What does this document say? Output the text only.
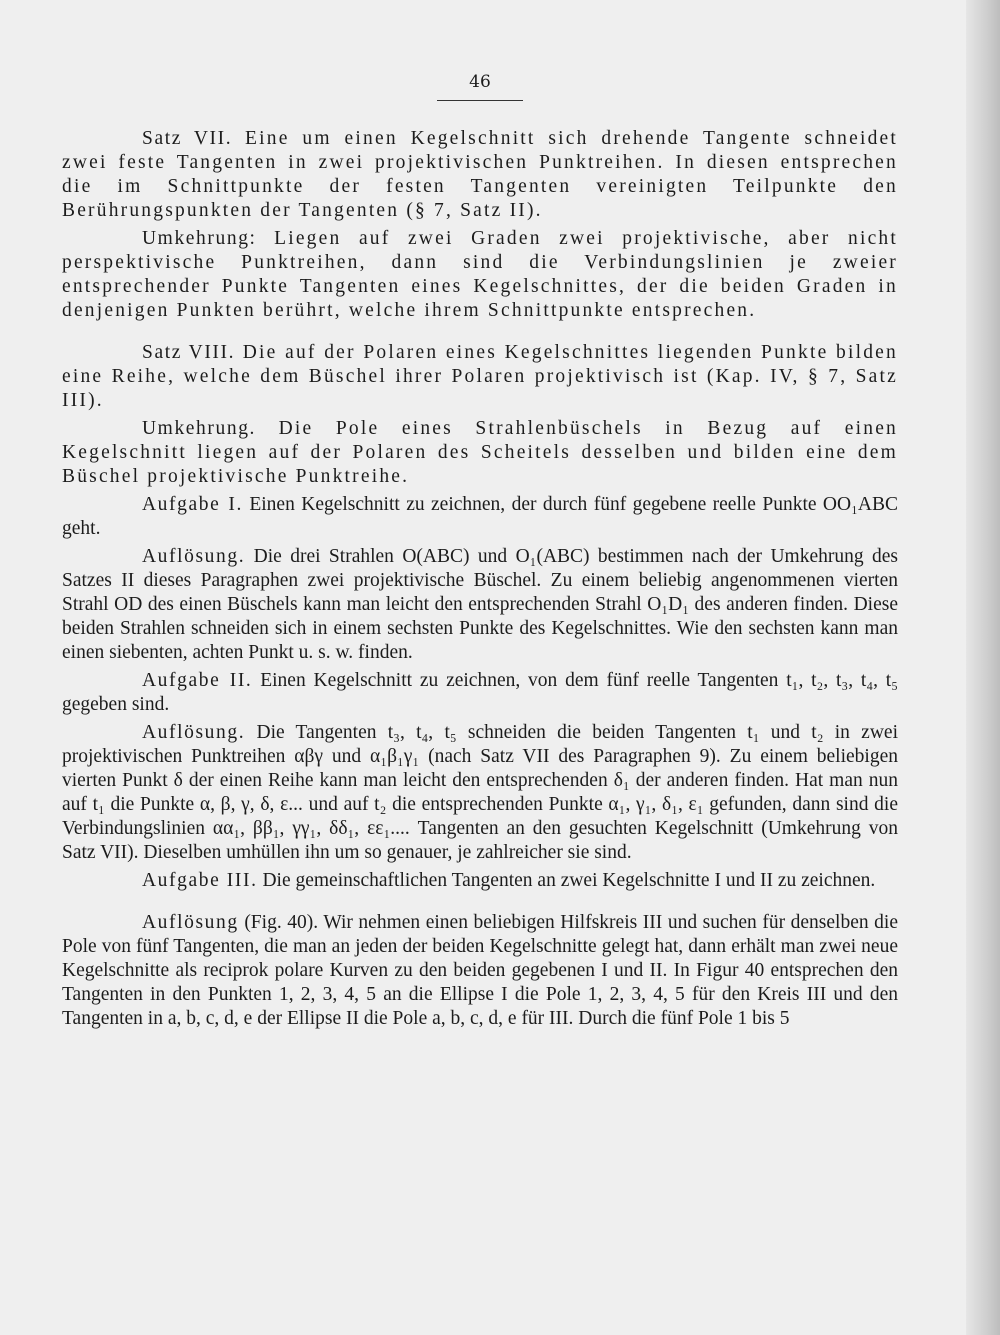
46

Satz VII. Eine um einen Kegelschnitt sich drehende Tangente schneidet zwei feste Tangenten in zwei projektivischen Punktreihen. In diesen entsprechen die im Schnittpunkte der festen Tangenten vereinigten Teilpunkte den Berührungspunkten der Tangenten (§ 7, Satz II).

Umkehrung: Liegen auf zwei Graden zwei projektivische, aber nicht perspektivische Punktreihen, dann sind die Verbindungslinien je zweier entsprechender Punkte Tangenten eines Kegelschnittes, der die beiden Graden in denjenigen Punkten berührt, welche ihrem Schnittpunkte entsprechen.

Satz VIII. Die auf der Polaren eines Kegelschnittes liegenden Punkte bilden eine Reihe, welche dem Büschel ihrer Polaren projektivisch ist (Kap. IV, § 7, Satz III).

Umkehrung. Die Pole eines Strahlenbüschels in Bezug auf einen Kegelschnitt liegen auf der Polaren des Scheitels desselben und bilden eine dem Büschel projektivische Punktreihe.

Aufgabe I. Einen Kegelschnitt zu zeichnen, der durch fünf gegebene reelle Punkte OO₁ABC geht.

Auflösung. Die drei Strahlen O(ABC) und O₁(ABC) bestimmen nach der Umkehrung des Satzes II dieses Paragraphen zwei projektivische Büschel. Zu einem beliebig angenommenen vierten Strahl OD des einen Büschels kann man leicht den entsprechenden Strahl O₁D₁ des anderen finden. Diese beiden Strahlen schneiden sich in einem sechsten Punkte des Kegelschnittes. Wie den sechsten kann man einen siebenten, achten Punkt u. s. w. finden.

Aufgabe II. Einen Kegelschnitt zu zeichnen, von dem fünf reelle Tangenten t₁, t₂, t₃, t₄, t₅ gegeben sind.

Auflösung. Die Tangenten t₃, t₄, t₅ schneiden die beiden Tangenten t₁ und t₂ in zwei projektivischen Punktreihen αβγ und α₁β₁γ₁ (nach Satz VII des Paragraphen 9). Zu einem beliebigen vierten Punkt δ der einen Reihe kann man leicht den entsprechenden δ₁ der anderen finden. Hat man nun auf t₁ die Punkte α, β, γ, δ, ε... und auf t₂ die entsprechenden Punkte α₁, γ₁, δ₁, ε₁ gefunden, dann sind die Verbindungslinien αα₁, ββ₁, γγ₁, δδ₁, εε₁.... Tangenten an den gesuchten Kegelschnitt (Umkehrung von Satz VII). Dieselben umhüllen ihn um so genauer, je zahlreicher sie sind.

Aufgabe III. Die gemeinschaftlichen Tangenten an zwei Kegelschnitte I und II zu zeichnen.

Auflösung (Fig. 40). Wir nehmen einen beliebigen Hilfskreis III und suchen für denselben die Pole von fünf Tangenten, die man an jeden der beiden Kegelschnitte gelegt hat, dann erhält man zwei neue Kegelschnitte als reciprok polare Kurven zu den beiden gegebenen I und II. In Figur 40 entsprechen den Tangenten in den Punkten 1, 2, 3, 4, 5 an die Ellipse I die Pole 1, 2, 3, 4, 5 für den Kreis III und den Tangenten in a, b, c, d, e der Ellipse II die Pole a, b, c, d, e für III. Durch die fünf Pole 1 bis 5
